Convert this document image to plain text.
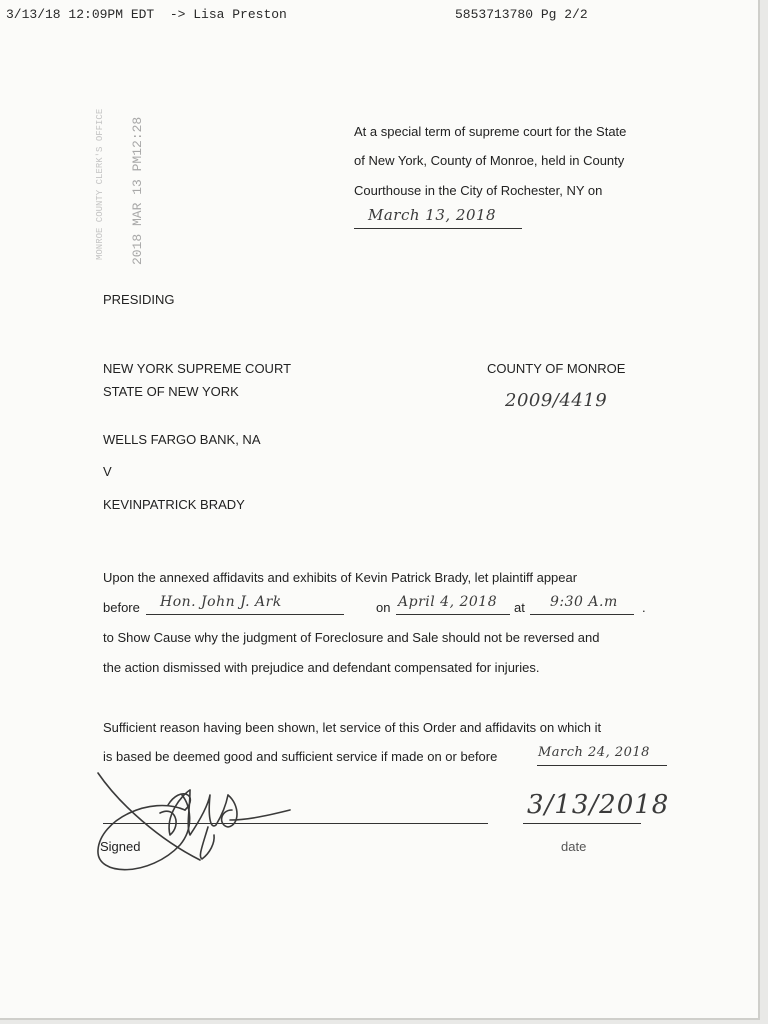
3/13/18 12:09PM EDT  -> Lisa Preston	5853713780 Pg 2/2
2018 MAR 13 PM12:28
MONROE COUNTY CLERK'S OFFICE	At a special term of supreme court for the State
of New York, County of Monroe, held in County
Courthouse in the City of Rochester, NY on
March 13, 2018
PRESIDING
NEW YORK SUPREME COURT
STATE OF NEW YORK
COUNTY OF MONROE
2009/4419
WELLS FARGO BANK, NA
V
KEVINPATRICK BRADY
Upon the annexed affidavits and exhibits of Kevin Patrick Brady, let plaintiff appear
before Hon. John J. Ark	on April 4, 2018 at 9:30 A.m .
to Show Cause why the judgment of Foreclosure and Sale should not be reversed and
the action dismissed with prejudice and defendant compensated for injuries.
Sufficient reason having been shown, let service of this Order and affidavits on which it
is based be deemed good and sufficient service if made on or before	March 24, 2018
Signed
3/13/2018
date
